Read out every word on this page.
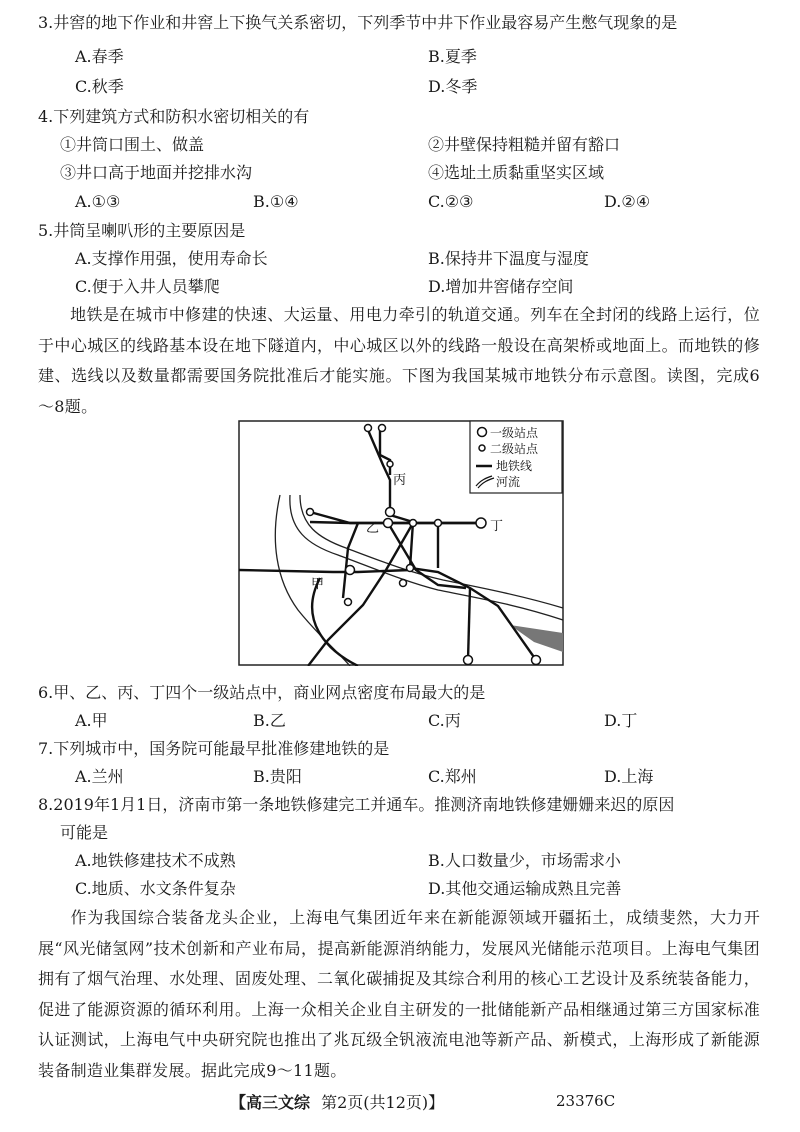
3.井窖的地下作业和井窖上下换气关系密切，下列季节中井下作业最容易产生憋气现象的是
A.春季	B.夏季
C.秋季	D.冬季
4.下列建筑方式和防积水密切相关的有
①井筒口围土、做盖	②井壁保持粗糙并留有豁口
③井口高于地面并挖排水沟	④选址土质黏重坚实区域
A.①③	B.①④	C.②③	D.②④
5.井筒呈喇叭形的主要原因是
A.支撑作用强，使用寿命长	B.保持井下温度与湿度
C.便于入井人员攀爬	D.增加井窖储存空间
地铁是在城市中修建的快速、大运量、用电力牵引的轨道交通。列车在全封闭的线路上运行，位于中心城区的线路基本设在地下隧道内，中心城区以外的线路一般设在高架桥或地面上。而地铁的修建、选线以及数量都需要国务院批准后才能实施。下图为我国某城市地铁分布示意图。读图，完成6～8题。
丙
乙	丁
甲
一级站点
二级站点
地铁线
河流
6.甲、乙、丙、丁四个一级站点中，商业网点密度布局最大的是
A.甲	B.乙	C.丙	D.丁
7.下列城市中，国务院可能最早批准修建地铁的是
A.兰州	B.贵阳	C.郑州	D.上海
8.2019年1月1日，济南市第一条地铁修建完工并通车。推测济南地铁修建姗姗来迟的原因
可能是
A.地铁修建技术不成熟	B.人口数量少，市场需求小
C.地质、水文条件复杂	D.其他交通运输成熟且完善
作为我国综合装备龙头企业，上海电气集团近年来在新能源领域开疆拓土，成绩斐然，大力开展“风光储氢网”技术创新和产业布局，提高新能源消纳能力，发展风光储能示范项目。上海电气集团拥有了烟气治理、水处理、固废处理、二氧化碳捕捉及其综合利用的核心工艺设计及系统装备能力，促进了能源资源的循环利用。上海一众相关企业自主研发的一批储能新产品相继通过第三方国家标准认证测试，上海电气中央研究院也推出了兆瓦级全钒液流电池等新产品、新模式，上海形成了新能源装备制造业集群发展。据此完成9～11题。
【高三文综 第2页(共12页)】	23376C
